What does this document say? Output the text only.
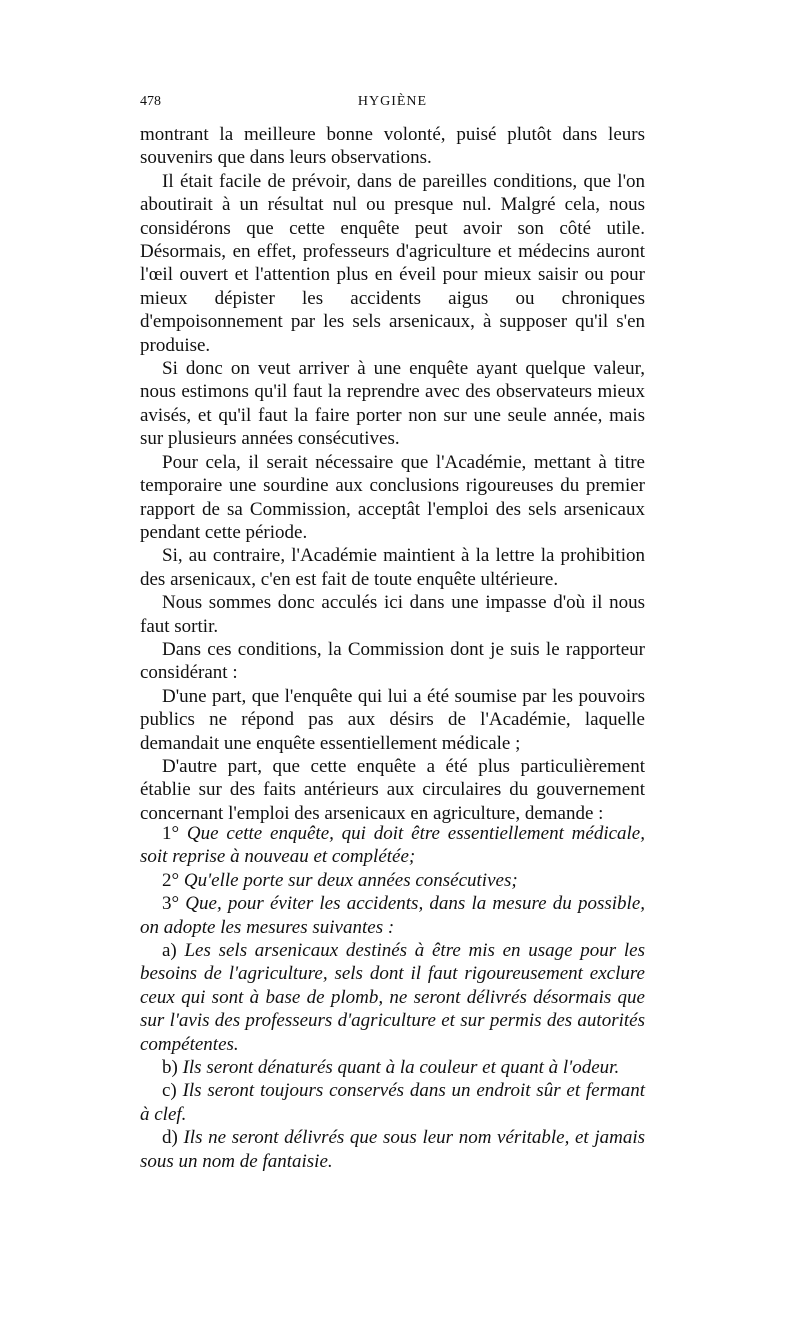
478	HYGIÈNE

montrant la meilleure bonne volonté, puisé plutôt dans leurs souvenirs que dans leurs observations.

Il était facile de prévoir, dans de pareilles conditions, que l'on aboutirait à un résultat nul ou presque nul. Malgré cela, nous considérons que cette enquête peut avoir son côté utile. Désormais, en effet, professeurs d'agriculture et médecins auront l'œil ouvert et l'attention plus en éveil pour mieux saisir ou pour mieux dépister les accidents aigus ou chroniques d'empoisonnement par les sels arsenicaux, à supposer qu'il s'en produise.

Si donc on veut arriver à une enquête ayant quelque valeur, nous estimons qu'il faut la reprendre avec des observateurs mieux avisés, et qu'il faut la faire porter non sur une seule année, mais sur plusieurs années consécutives.

Pour cela, il serait nécessaire que l'Académie, mettant à titre temporaire une sourdine aux conclusions rigoureuses du premier rapport de sa Commission, acceptât l'emploi des sels arsenicaux pendant cette période.

Si, au contraire, l'Académie maintient à la lettre la prohibition des arsenicaux, c'en est fait de toute enquête ultérieure.

Nous sommes donc acculés ici dans une impasse d'où il nous faut sortir.

Dans ces conditions, la Commission dont je suis le rapporteur considérant :

D'une part, que l'enquête qui lui a été soumise par les pouvoirs publics ne répond pas aux désirs de l'Académie, laquelle demandait une enquête essentiellement médicale ;

D'autre part, que cette enquête a été plus particulièrement établie sur des faits antérieurs aux circulaires du gouvernement concernant l'emploi des arsenicaux en agriculture, demande :

1° Que cette enquête, qui doit être essentiellement médicale, soit reprise à nouveau et complétée;

2° Qu'elle porte sur deux années consécutives;

3° Que, pour éviter les accidents, dans la mesure du possible, on adopte les mesures suivantes :

a) Les sels arsenicaux destinés à être mis en usage pour les besoins de l'agriculture, sels dont il faut rigoureusement exclure ceux qui sont à base de plomb, ne seront délivrés désormais que sur l'avis des professeurs d'agriculture et sur permis des autorités compétentes.

b) Ils seront dénaturés quant à la couleur et quant à l'odeur.

c) Ils seront toujours conservés dans un endroit sûr et fermant à clef.

d) Ils ne seront délivrés que sous leur nom véritable, et jamais sous un nom de fantaisie.
